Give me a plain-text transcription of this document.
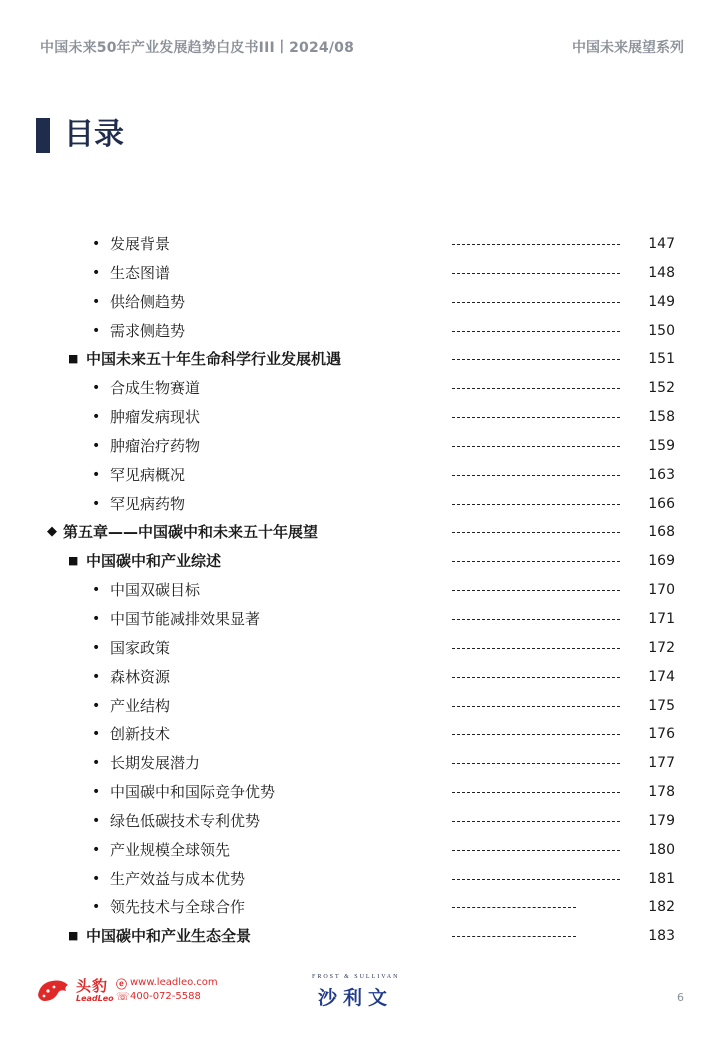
中国未来50年产业发展趋势白皮书III丨2024/08	中国未来展望系列
目录
• 发展背景	147
• 生态图谱	148
• 供给侧趋势	149
• 需求侧趋势	150
■ 中国未来五十年生命科学行业发展机遇	151
• 合成生物赛道	152
• 肿瘤发病现状	158
• 肿瘤治疗药物	159
• 罕见病概况	163
• 罕见病药物	166
◆ 第五章——中国碳中和未来五十年展望	168
■ 中国碳中和产业综述	169
• 中国双碳目标	170
• 中国节能减排效果显著	171
• 国家政策	172
• 森林资源	174
• 产业结构	175
• 创新技术	176
• 长期发展潜力	177
• 中国碳中和国际竞争优势	178
• 绿色低碳技术专利优势	179
• 产业规模全球领先	180
• 生产效益与成本优势	181
• 领先技术与全球合作	182
■ 中国碳中和产业生态全景	183
头豹
LeadLeo
ⓔ www.leadleo.com
☏ 400-072-5588
FROST & SULLIVAN
沙利文	6
